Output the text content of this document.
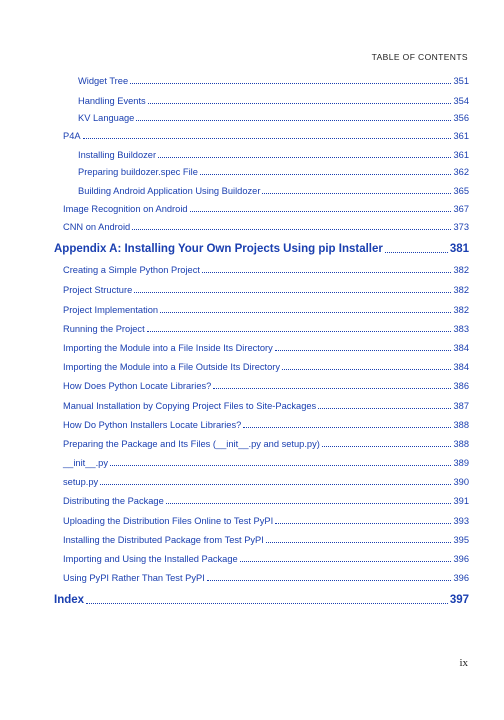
TABLE OF CONTENTS
Widget Tree	351
Handling Events	354
KV Language	356
P4A	361
Installing Buildozer	361
Preparing buildozer.spec File	362
Building Android Application Using Buildozer	365
Image Recognition on Android	367
CNN on Android	373
Appendix A: Installing Your Own Projects Using pip Installer	381
Creating a Simple Python Project	382
Project Structure	382
Project Implementation	382
Running the Project	383
Importing the Module into a File Inside Its Directory	384
Importing the Module into a File Outside Its Directory	384
How Does Python Locate Libraries?	386
Manual Installation by Copying Project Files to Site-Packages	387
How Do Python Installers Locate Libraries?	388
Preparing the Package and Its Files (__init__.py and setup.py)	388
__init__.py	389
setup.py	390
Distributing the Package	391
Uploading the Distribution Files Online to Test PyPI	393
Installing the Distributed Package from Test PyPI	395
Importing and Using the Installed Package	396
Using PyPI Rather Than Test PyPI	396
Index	397
ix
